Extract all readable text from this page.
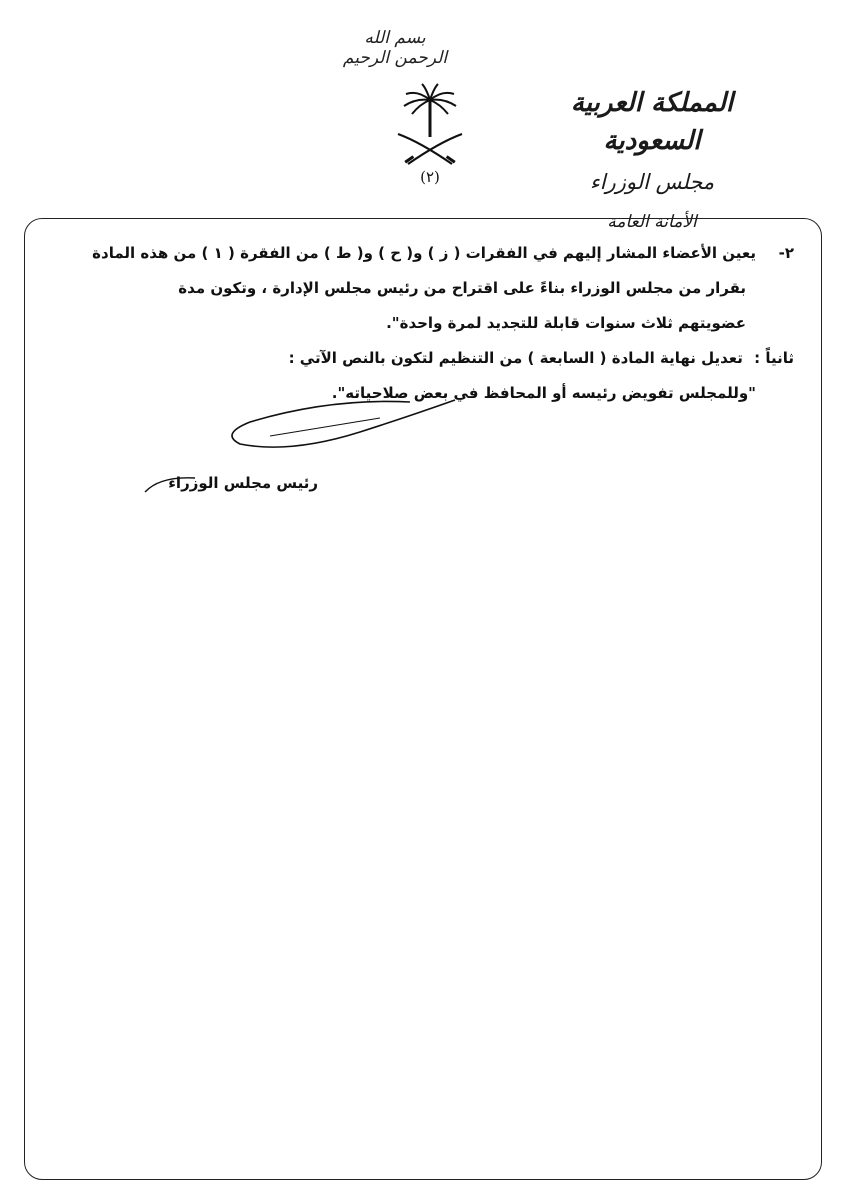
بسم الله الرحمن الرحيم
(٢)
المملكة العربية السعودية
مجلس الوزراء
الأمانة العامة

٢-يعين الأعضاء المشار إليهم في الفقرات ( ز ) و( ح ) و( ط ) من الفقرة ( ١ ) من هذه المادة

بقرار من مجلس الوزراء بناءً على اقتراح من رئيس مجلس الإدارة ، وتكون مدة

عضويتهم ثلاث سنوات قابلة للتجديد لمرة واحدة".

ثانياً : تعديل نهاية المادة ( السابعة ) من التنظيم لتكون بالنص الآتي :

"وللمجلس تفويض رئيسه أو المحافظ في بعض صلاحياته".

رئيس مجلس الوزراء
